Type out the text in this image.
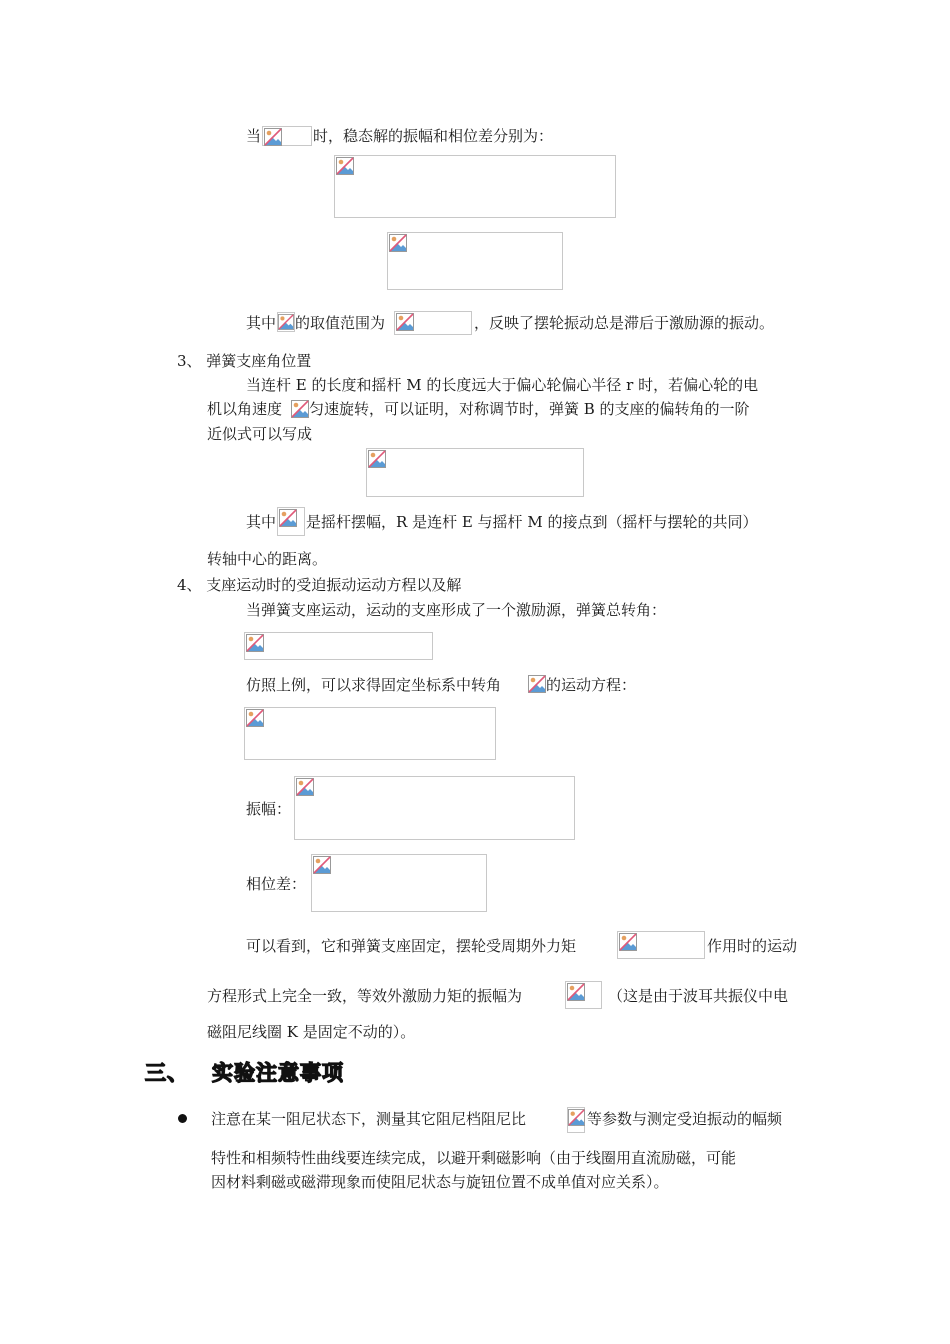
当	时，稳态解的振幅和相位差分别为：
其中 的取值范围为	，反映了摆轮振动总是滞后于激励源的振动。
3、 弹簧支座角位置
当连杆 E 的长度和摇杆 M 的长度远大于偏心轮偏心半径 r 时，若偏心轮的电
机以角速度 匀速旋转，可以证明，对称调节时，弹簧 B 的支座的偏转角的一阶
近似式可以写成
其中 是摇杆摆幅，R 是连杆 E 与摇杆 M 的接点到（摇杆与摆轮的共同）
转轴中心的距离。
4、 支座运动时的受迫振动运动方程以及解
当弹簧支座运动，运动的支座形成了一个激励源，弹簧总转角：
仿照上例，可以求得固定坐标系中转角	的运动方程：
振幅：
相位差：
可以看到，它和弹簧支座固定，摆轮受周期外力矩	作用时的运动
方程形式上完全一致，等效外激励力矩的振幅为	（这是由于波耳共振仪中电
磁阻尼线圈 K 是固定不动的）。
三、 实验注意事项
注意在某一阻尼状态下，测量其它阻尼档阻尼比	等参数与测定受迫振动的幅频
特性和相频特性曲线要连续完成，以避开剩磁影响（由于线圈用直流励磁，可能
因材料剩磁或磁滞现象而使阻尼状态与旋钮位置不成单值对应关系）。
